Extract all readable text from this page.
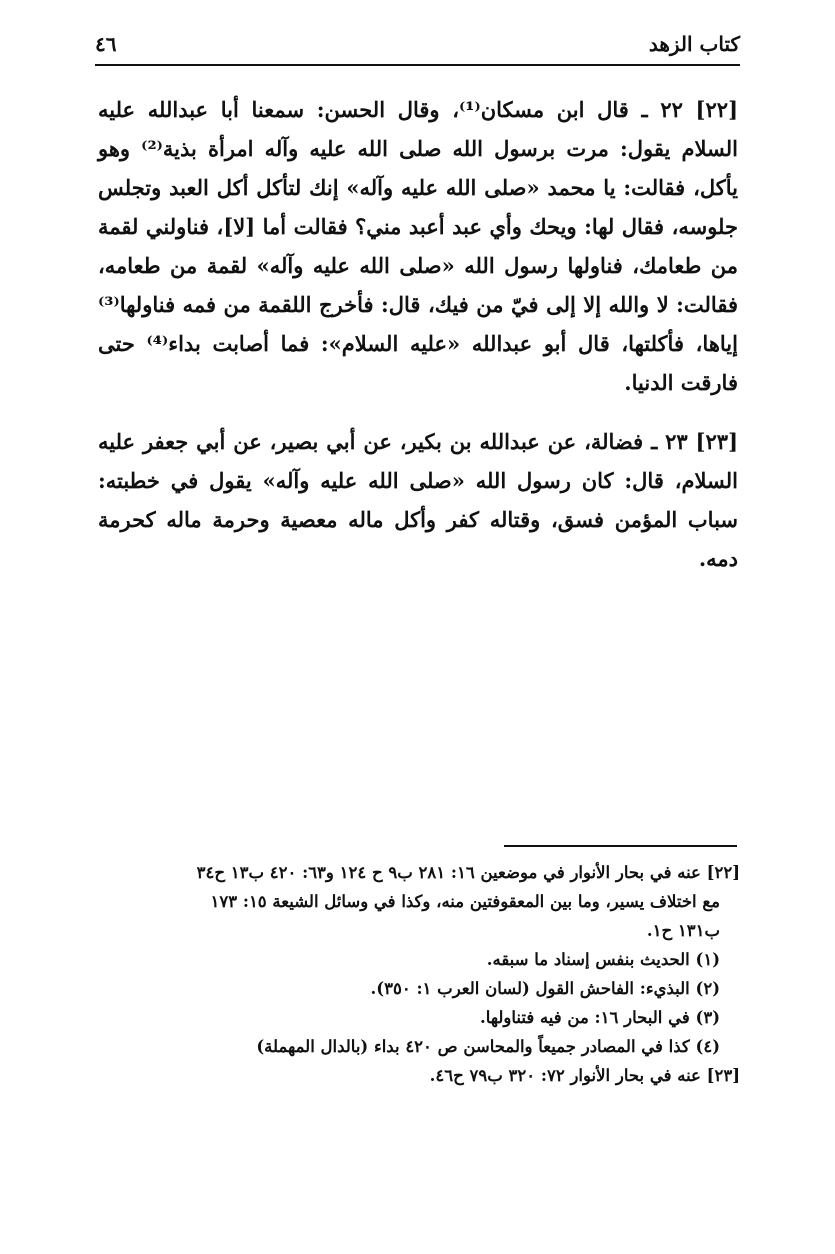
كتاب الزهد
٤٦

[٢٢] ٢٢ ـ قال ابن مسكان⁽¹⁾، وقال الحسن: سمعنا أبا عبدالله عليه السلام يقول: مرت برسول الله صلى الله عليه وآله امرأة بذية⁽²⁾ وهو يأكل، فقالت: يا محمد «صلى الله عليه وآله» إنك لتأكل أكل العبد وتجلس جلوسه، فقال لها: ويحك وأي عبد أعبد مني؟ فقالت أما [لا]، فناولني لقمة من طعامك، فناولها رسول الله «صلى الله عليه وآله» لقمة من طعامه، فقالت: لا والله إلا إلى فيّ من فيك، قال: فأخرج اللقمة من فمه فناولها⁽³⁾ إياها، فأكلتها، قال أبو عبدالله «عليه السلام»: فما أصابت بداء⁽⁴⁾ حتى فارقت الدنيا.

[٢٣] ٢٣ ـ فضالة، عن عبدالله بن بكير، عن أبي بصير، عن أبي جعفر عليه السلام، قال: كان رسول الله «صلى الله عليه وآله» يقول في خطبته: سباب المؤمن فسق، وقتاله كفر وأكل ماله معصية وحرمة ماله كحرمة دمه.

[٢٢] عنه في بحار الأنوار في موضعين ١٦: ٢٨١ ب٩ ح ١٢٤ و٦٣: ٤٢٠ ب١٣ ح٣٤

مع اختلاف يسير، وما بين المعقوفتين منه، وكذا في وسائل الشيعة ١٥: ١٧٣

ب١٣١ ح١.

(١) الحديث بنفس إسناد ما سبقه.

(٢) البذيء: الفاحش القول (لسان العرب ١: ٣٥٠).

(٣) في البحار ١٦: من فيه فتناولها.

(٤) كذا في المصادر جميعاً والمحاسن ص ٤٢٠ بداء (بالدال المهملة)

[٢٣] عنه في بحار الأنوار ٧٢: ٣٢٠ ب٧٩ ح٤٦.
